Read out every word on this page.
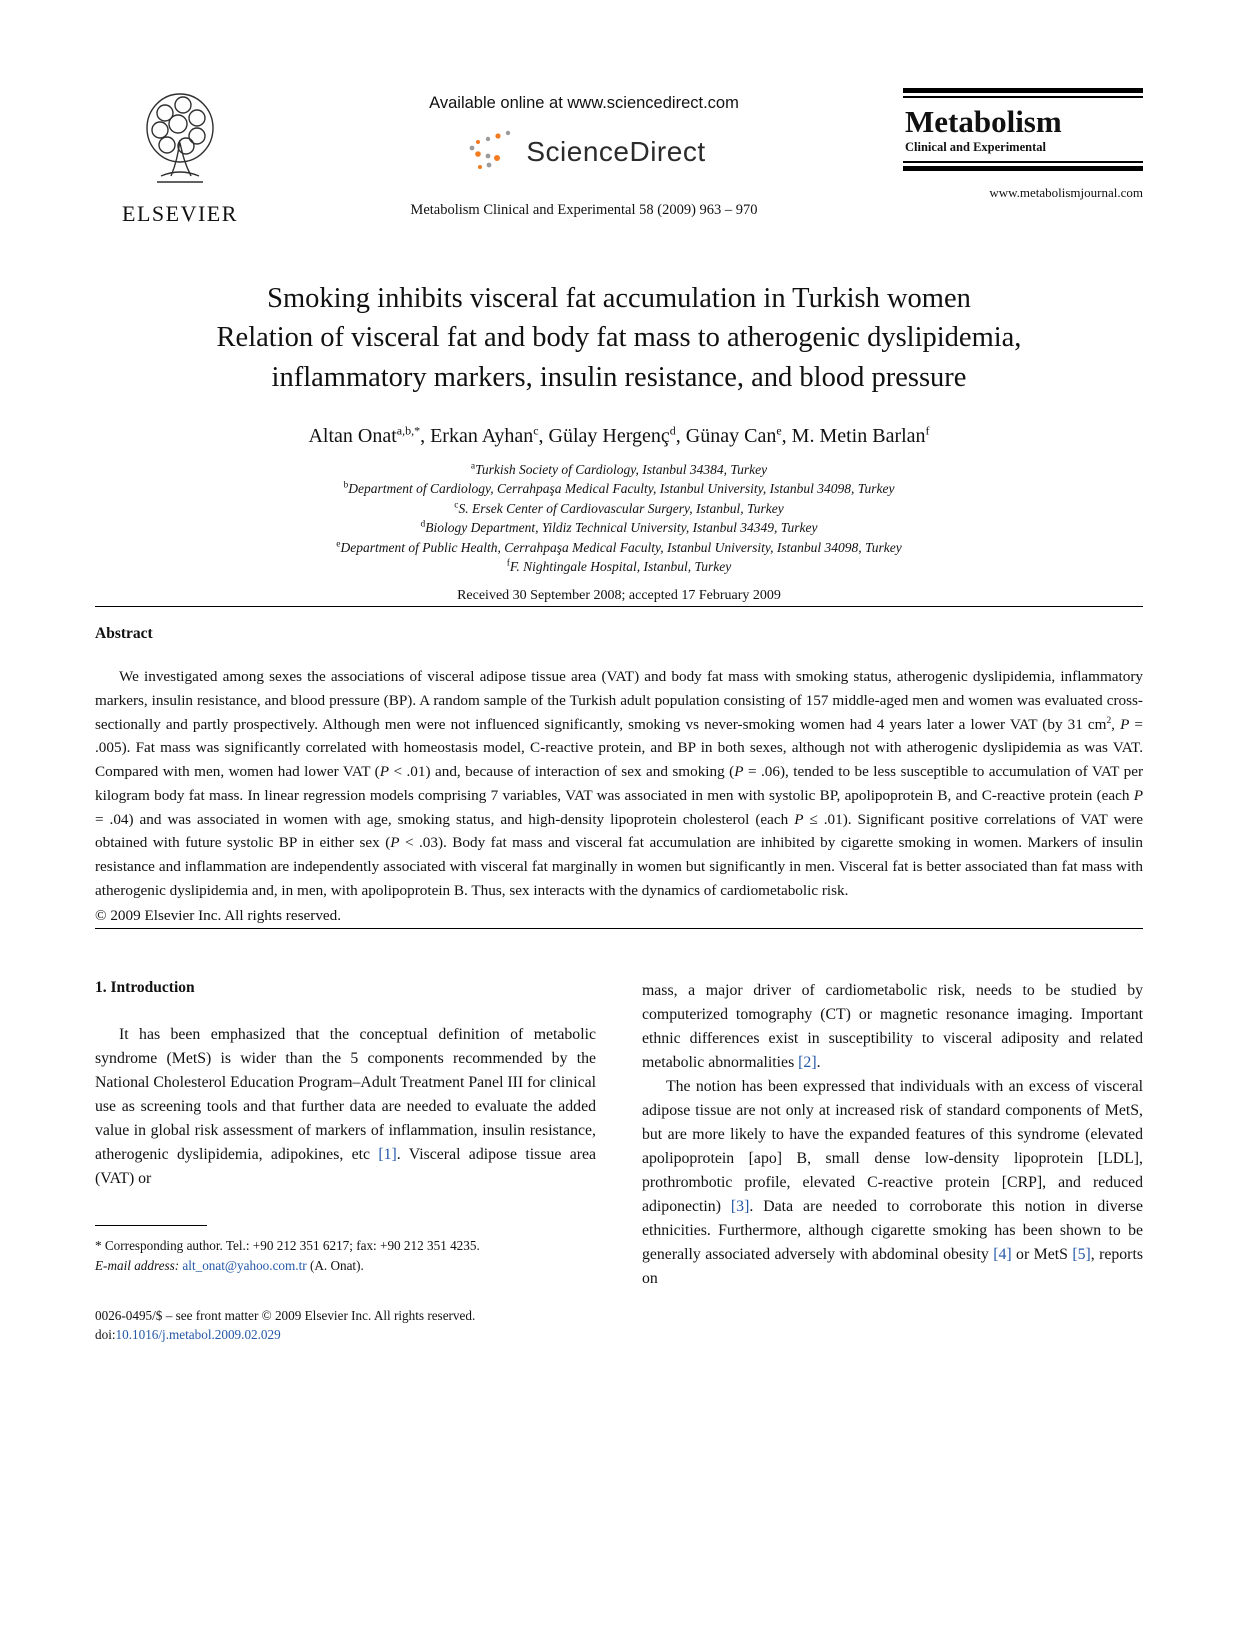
ELSEVIER
Available online at www.sciencedirect.com
ScienceDirect
Metabolism Clinical and Experimental 58 (2009) 963 – 970
Metabolism
Clinical and Experimental
www.metabolismjournal.com
Smoking inhibits visceral fat accumulation in Turkish women
Relation of visceral fat and body fat mass to atherogenic dyslipidemia,
inflammatory markers, insulin resistance, and blood pressure
Altan Onat$^{a,b,*}$, Erkan Ayhan$^c$, Gülay Hergenç$^d$, Günay Can$^e$, M. Metin Barlan$^f$
$^a$Turkish Society of Cardiology, Istanbul 34384, Turkey
$^b$Department of Cardiology, Cerrahpaşa Medical Faculty, Istanbul University, Istanbul 34098, Turkey
$^c$S. Ersek Center of Cardiovascular Surgery, Istanbul, Turkey
$^d$Biology Department, Yildiz Technical University, Istanbul 34349, Turkey
$^e$Department of Public Health, Cerrahpaşa Medical Faculty, Istanbul University, Istanbul 34098, Turkey
$^f$F. Nightingale Hospital, Istanbul, Turkey
Received 30 September 2008; accepted 17 February 2009
Abstract

We investigated among sexes the associations of visceral adipose tissue area (VAT) and body fat mass with smoking status, atherogenic dyslipidemia, inflammatory markers, insulin resistance, and blood pressure (BP). A random sample of the Turkish adult population consisting of 157 middle-aged men and women was evaluated cross-sectionally and partly prospectively. Although men were not influenced significantly, smoking vs never-smoking women had 4 years later a lower VAT (by 31 $cm^2$, P = .005). Fat mass was significantly correlated with homeostasis model, C-reactive protein, and BP in both sexes, although not with atherogenic dyslipidemia as was VAT. Compared with men, women had lower VAT (P < .01) and, because of interaction of sex and smoking (P = .06), tended to be less susceptible to accumulation of VAT per kilogram body fat mass. In linear regression models comprising 7 variables, VAT was associated in men with systolic BP, apolipoprotein B, and C-reactive protein (each P = .04) and was associated in women with age, smoking status, and high-density lipoprotein cholesterol (each P ≤ .01). Significant positive correlations of VAT were obtained with future systolic BP in either sex (P < .03). Body fat mass and visceral fat accumulation are inhibited by cigarette smoking in women. Markers of insulin resistance and inflammation are independently associated with visceral fat marginally in women but significantly in men. Visceral fat is better associated than fat mass with atherogenic dyslipidemia and, in men, with apolipoprotein B. Thus, sex interacts with the dynamics of cardiometabolic risk.

© 2009 Elsevier Inc. All rights reserved.

1. Introduction

It has been emphasized that the conceptual definition of metabolic syndrome (MetS) is wider than the 5 components recommended by the National Cholesterol Education Program–Adult Treatment Panel III for clinical use as screening tools and that further data are needed to evaluate the added value in global risk assessment of markers of inflammation, insulin resistance, atherogenic dyslipidemia, adipokines, etc [1]. Visceral adipose tissue area (VAT) or

* Corresponding author. Tel.: +90 212 351 6217; fax: +90 212 351 4235.
E-mail address: alt_onat@yahoo.com.tr (A. Onat).
0026-0495/$ – see front matter © 2009 Elsevier Inc. All rights reserved.
doi:10.1016/j.metabol.2009.02.029

mass, a major driver of cardiometabolic risk, needs to be studied by computerized tomography (CT) or magnetic resonance imaging. Important ethnic differences exist in susceptibility to visceral adiposity and related metabolic abnormalities [2].

The notion has been expressed that individuals with an excess of visceral adipose tissue are not only at increased risk of standard components of MetS, but are more likely to have the expanded features of this syndrome (elevated apolipoprotein [apo] B, small dense low-density lipoprotein [LDL], prothrombotic profile, elevated C-reactive protein [CRP], and reduced adiponectin) [3]. Data are needed to corroborate this notion in diverse ethnicities. Furthermore, although cigarette smoking has been shown to be generally associated adversely with abdominal obesity [4] or MetS [5], reports on
